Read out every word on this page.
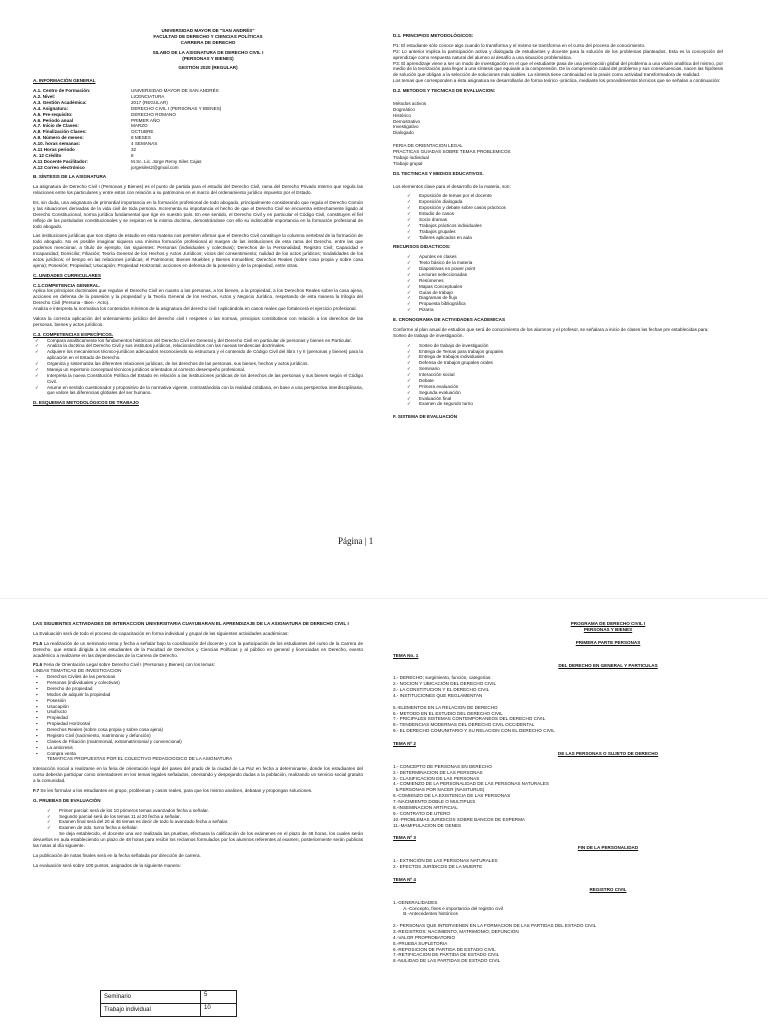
UNIVERSIDAD MAYOR DE "SAN ANDRÉS"

FACULTAD DE DERECHO Y CIENCIAS POLÍTICAS

CARRERA DE DERECHO

SILABO DE LA ASIGNATURA DE DERECHO CIVIL I

(PERSONAS Y BIENES)

GESTIÓN 2020 (REGULAR)

A. INFORMACIÓN GENERAL

A.1. Centro de Formación:	UNIVERSIDAD MAYOR DE SAN ANDRÉS
A.2. Nivel:	LICENCIATURA
A.3. Gestión Académica:	2017 (REGULAR)
A.4. Asignatura:	DERECHO CIVIL I (PERSONAS Y BIENES)
A.5. Pre-requisito:	DERECHO ROMANO
A.6. Periodo anual	PRIMER AÑO
A.7. Inicio de Clases:	MARZO
A.8. Finalización Clases:	OCTUBRE
A.9. Número de meses:	8 MESES
A.10. horas semanas:	4 SEMANAS
A.11 Horas periodo	32
A. 12 Crédito	8
A.11 Docente Facilitador:	M.Sc. Lic. Jorge Remy Siles Cajas
A.12 Correo electrónico	jorgesiles2@gmail.com

B. SÍNTESIS DE LA ASIGNATURA

La asignatura de Derecho Civil I (Personas y Bienes) es el punto de partida para el estudio del Derecho Civil, rama del Derecho Privado Interno que regula las relaciones entre los particulares y entre estos con relación a su patrimonio en el marco del ordenamiento jurídico impuesto por el Estado.

Es, sin duda, una asignatura de primordial importancia en la formación profesional de todo abogado, principalmente considerando que regula el Derecho Común y las situaciones derivadas de la vida civil de toda persona. Incrementa su importancia el hecho de que el Derecho Civil se encuentra estrechamente ligado al Derecho Constitucional, norma jurídica fundamental que rige en nuestro país. En ese sentido, el Derecho Civil y en particular el Código Civil, constituyen el fiel reflejo de los postulados constitucionales y se inspiran en la misma doctrina, demostrándose con ello su indiscutible importancia en la formación profesional de todo abogado.

Las instituciones jurídicas que son objeto de estudio en esta materia nos permiten afirmar que el Derecho Civil constituye la columna vertebral de la formación de todo abogado. No es posible imaginar siquiera una mínima formación profesional al margen de las instituciones de esta rama del Derecho, entre las que podemos mencionar, a título de ejemplo, las siguientes: Personas (individuales y colectivas); Derechos de la Personalidad; Registro Civil; Capacidad e Incapacidad; Domicilio; Filiación; Teoría General de los Hechos y Actos Jurídicos; vicios del consentimiento; nulidad de los actos jurídicos; modalidades de los actos jurídicos; el tiempo en las relaciones jurídicas; el Patrimonio; Bienes Muebles y Bienes Inmuebles; Derechos Reales (sobre cosa propia y sobre cosa ajena); Posesión; Propiedad; Usucapión; Propiedad Horizontal; acciones en defensa de la posesión y de la propiedad, entre otras.

C. UNIDADES CURRICULARES

C.1.COMPETENCIA GENERAL.

Aplica los principios doctrinales que regulan el Derecho Civil en cuanto a las personas, a los bienes, a la propiedad, a los Derechos Reales sobre la cosa ajena, acciones en defensa de la posesión y la propiedad y la Teoría General de los Hechos, Actos y Negocio Jurídico, respetando de esta manera la trilogía del Derecho Civil (Persona - Bien - Acto).

Analiza e interpreta la normativa los contenidos mínimos de la asignatura del derecho civil I aplicándola en casos reales que fortalecerá el ejercicio profesional.

Valora la correcta aplicación del ordenamiento jurídico del derecho civil I respeten o las normas, principios constitutivos con relación a los derechos de las personas, bienes y actos jurídicos.

C.3. COMPETENCIAS ESPECÍFICOS.

✓ Compara analíticamente los fundamentos históricos del Derecho Civil en General y del Derecho Civil en particular de personas y bienes en Particular.
✓ Analiza la doctrina del Derecho Civil y sus institutos jurídicos, relacionándolos con las nuevas tendencias doctrinales.
✓ Adquiere los mecanismos técnico-jurídicos adecuados reconociendo su estructura y el contenido de Código Civil del libro I y II (personas y bienes) para la aplicación en el Estado de Derecho.
✓ Organiza y sistematiza las diferentes relaciones jurídicas, de los derechos de las personas, sus bienes, hechos y actos jurídicos.
✓ Maneja un repertorio conceptual técnicos jurídicos orientados al correcto desempeño profesional.
✓ Interpreta la nueva Constitución Política del Estado en relación a las instituciones jurídicas de los derechos de las personas y sus bienes según el Código Civil.
✓ Asume en sentido cuestionador y propositivo de la normativa vigente, contrastándola con la realidad cotidiana, en base a una perspectiva interdisciplinaria, que valore las diferencias globales del ser humano.

D. ESQUEMAS METODOLÓGICOS DE TRABAJO

D.1. PRINCIPIOS METODOLÓGICOS:

P1: El estudiante sólo conoce algo cuando lo transforma y el mismo se transforma en el curso del proceso de conocimiento.

P2: Lo anterior implica la participación activa y dialogada de estudiantes y docente para la solución de los problemas planteados. Esta es la concepción del aprendizaje como respuesta natural del alumno al desafío a una situación problemática.

P3: El aprendizaje viene a ser un modo de investigación en el que el estudiante pasa de una percepción global del problema a una visión analítica del mismo, por medio de la teorización para llegar a una síntesis que equivale a la comprensión. De la comprensión cabal del problema y sus consecuencias, nacen las hipótesis de solución que obligan a la selección de soluciones más viables. La síntesis tiene continuidad en la praxis como actividad transformadora de realidad.

Los temas que corresponden a ésta asignatura se desarrollarán de forma teórico -práctica, mediante los procedimientos técnicos que se señalan a continuación:

D.2. METODOS Y TECNICAS DE EVALUACION:

Métodos activos

Dogmático

Histórico

Demostrativo

Investigativo

Dialogado

FERIA DE ORIENTACION LEGAL

PRACTICAS GUIADAS SOBRE TEMAS PROBLEMICOS

Trabajo individual

Trabajo grupal

D3. TECTINCAS Y MEDIOS EDUCATIVOS.

Los elementos clave para el desarrollo de la materia, son:

✓ Exposición de temas por el docente
✓ Exposición dialogada
✓ Exposición y debate sobre casos prácticos
✓ Estudio de casos
✓ Socio dramas
✓ Trabajos prácticos individuales
✓ Trabajos grupales
✓ Talleres aplicados en aula

RECURSOS DIDACTICOS:

✓ Apuntes en clases
✓ Texto básico de la materia
✓ Diapositivas en power point
✓ Lecturas seleccionadas
✓ Resúmenes
✓ Mapas Conceptuales
✓ Guías de trabajo
✓ Diagramas de flujo
✓ Propuesta bibliográfica
✓ Pizarra

E. CRONOGRAMA DE ACTIVIDADES ACADEMICAS

Conforme al plan anual de estudios que será de conocimiento de los alumnos y el profesor, se señalara a inicio de clases las fechas pre establecidas para:

Sorteo de trabajo de investigación.

✓ Sorteo de trabajo de investigación
✓ Entrega de Temas para trabajos grupales
✓ Entrega de trabajos individuales
✓ Defensa de trabajos grupales orales
✓ Seminario
✓ Interacción social
✓ Debate
✓ Primera evaluación
✓ Segunda evaluación
✓ Evaluación final
✓ Examen de segundo turno

F. SISTEMA DE EVALUACIÓN

Página | 1

LAS SIGUIENTES ACTIVIDADES DE INTERACCION UNIVERSITARIA CUAYUBARAN EL APRENDIZAJE DE LA ASIGNATURA DE DERECHO CIVIL I

La Evaluación será de todo el proceso de capacitación en forma individual y grupal de las siguientes actividades académicas:

F1.5 La realización de un seminario tema y fecha a señalar bajo la coordinación del docente y con la participación de los estudiantes del curso de la Carrera de Derecho, que estará dirigida a los estudiantes de la Facultad de Derechos y Ciencias Políticas y al público en general y licenciadas en Derecho, evento académico a realizarse en las dependencias de la Carrera de Derecho.

F1.6 Feria de Orientación Legal sobre Derecho Civil I (Personas y Bienes) con los temas:

LINEAS TEMATICAS DE INVESTIGACION

▪ Derechos Civiles de las personas
▪ Personas (individuales y colectivas)
▪ Derecho de propiedad
▪ Modos de adquirir la propiedad
▪ Posesión
▪ Usucapión
▪ Usufructo
▪ Propiedad
▪ Propiedad Horizontal
▪ Derechos Reales (sobre cosa propia y sobre cosa ajena)
▪ Registro Civil (nacimiento, matrimonio y defunción)
▪ Clases de Filiación (matrimonial, extramatrimonial y convencional)
▪ La anticresis
▪ Compra venta

TEMATICAS PROPUESTAS POR EL COLECTIVO PEDAGOGGICO DE LA ASIGNATURA

Interacción social a realizarse en la feria de orientación legal del paseo del prado de la ciudad de La Paz en fecha a determinarse, donde los estudiantes del curso deberán participar como orientadores en los temas legales señalados, orientando y despejando dudas a la población, realizando un servicio social gratuito a la comunidad.

F.7 Se les formular a los estudiantes en grupo, problemas y casos reales, para que los mismo analicen, debatan y propongan soluciones.

G. PRUEBAS DE EVALUACIÓN

✓ Primer parcial: será de los 10 primeros temas avanzados fecha a señalar.
✓ Segundo parcial será de los temas 11 al 20 fecha a señalar.
✓ Examen final será del 20 al 46 temas es decir de todo lo avanzado fecha a señalar.
✓ Examen de 2do. turno fecha a señalar.

Se deja establecido, el docente una vez realizada las pruebas, efectuara la calificación de los exámenes en el plazo de 48 horas, los cuales serán devueltos en aula estableciendo un plazo de 48 horas para recibir los reclamos formulados por los alumnos referentes al examen, posteriormente serán publicas las notas al día siguiente.

La publicación de notas finales será en la fecha señalada por dirección de carrera.

La evaluación será sobre 100 puntos, asignados de la siguiente manera:

PROGRAMA DE DERECHO CIVIL I

PERSONAS Y BIENES

PRIMERA PARTE PERSONAS

TEMA No. 1

DEL DERECHO EN GENERAL Y PARTICULAS

1.- DERECHO; surgimiento, función, categorías.

2.- NOCION Y UBICACIÓN DEL DERECHO CIVIL

3.- LA CONSTITUCION Y EL DERECHO CIVIL

4.- INSTITUCIONES QUE REGLAMENTAN

5.-ELEMENTOS EN LA RELACION DE DERECHO

6.- METODO EN EL ESTUDIO DEL DERECHO CIVIL

7.- PRICIPALES SISTEMAS CONTEMPORANEOS DEL DERECHO CIVIL

8.- TENDENCIAS MODERNAS DEL DERECHO CIVIL OCCIDENTAL

9.- EL DERECHO COMUNITARIO Y SU RELACION CON EL DERECHO CIVIL

TEMA Nº 2

DE LAS PERSONAS O SUJETO DE DERECHO

1.- CONCEPTO DE PERSONAS EN DERECHO

2.- DETERMINACION DE LAS PERSONAS

3.- CLASIFICACION DE LAS PERSONAS

4.- COMIENZO DE LA PERSONALIDAD DE LAS PERSONAS NATURALES

5.PERSONAS POR NACER (NASITURUS)

6.-COMIENZO DE LA EXISTENCIA DE LAS PERSONAS

7.-NACIMIENTO DOBLE O MULTIPLES

8.-INSEMINACION ARTIFICIAL

9.- CONTRATO DE UTERO

10.-PROBLEMAS JURIDICOS SOBRE BANCOS DE ESPERMA

11.-MAMIPULACION DE GENES

TEMA Nº 3

FIN DE LA PERSONALIDAD

1.- EXTINCIÓN DE LAS PERSONAS NATURALES

2.- EFECTOS JURÍDICOS DE LA MUERTE

TEMA Nº 4

REGISTRO CIVIL

1.-GENERALIDADES

A.-Concepto, fines e importancia del registro civil

B.-Antecedentes históricos

2.- PERSONAS QUE INTERVIENEN EN LA FORMACION DE LAS PARTIDAS DEL ESTADO CIVIL

3.-REGISTROS: NACIMIENTO, MATRIMONIO, DEFUNCION

4.-VALOR PROPROBATORIO

5.-PRUEBA SUPLETORIA

6.-REPOSICION DE PARTIDA DE ESTADO CIVIL

7.-RETIFICACION DE PARTIDA DE ESTADO CIVIL

8.-NULIDAD DE LAS PARTIDAS DE ESTADO CIVIL

Seminario	5
Trabajo individual	10
